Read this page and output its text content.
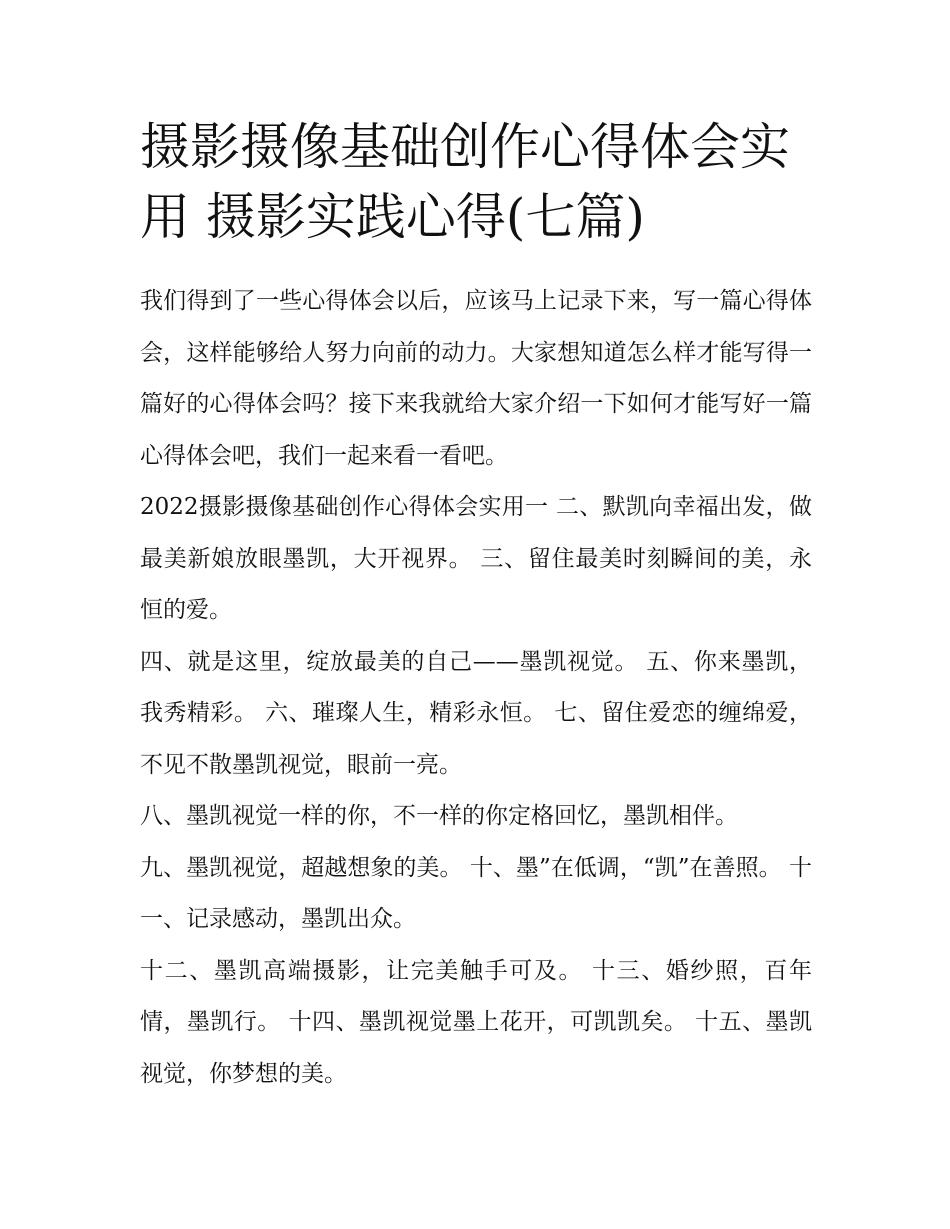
摄影摄像基础创作心得体会实用 摄影实践心得(七篇)

我们得到了一些心得体会以后，应该马上记录下来，写一篇心得体会，这样能够给人努力向前的动力。大家想知道怎么样才能写得一篇好的心得体会吗？接下来我就给大家介绍一下如何才能写好一篇心得体会吧，我们一起来看一看吧。

2022摄影摄像基础创作心得体会实用一 二、默凯向幸福出发，做最美新娘放眼墨凯，大开视界。 三、留住最美时刻瞬间的美，永恒的爱。

四、就是这里，绽放最美的自己——墨凯视觉。 五、你来墨凯，我秀精彩。 六、璀璨人生，精彩永恒。 七、留住爱恋的缠绵爱，不见不散墨凯视觉，眼前一亮。

八、墨凯视觉一样的你，不一样的你定格回忆，墨凯相伴。

九、墨凯视觉，超越想象的美。 十、墨”在低调，“凯”在善照。 十一、记录感动，墨凯出众。

十二、墨凯高端摄影，让完美触手可及。 十三、婚纱照，百年情，墨凯行。 十四、墨凯视觉墨上花开，可凯凯矣。 十五、墨凯视觉，你梦想的美。
